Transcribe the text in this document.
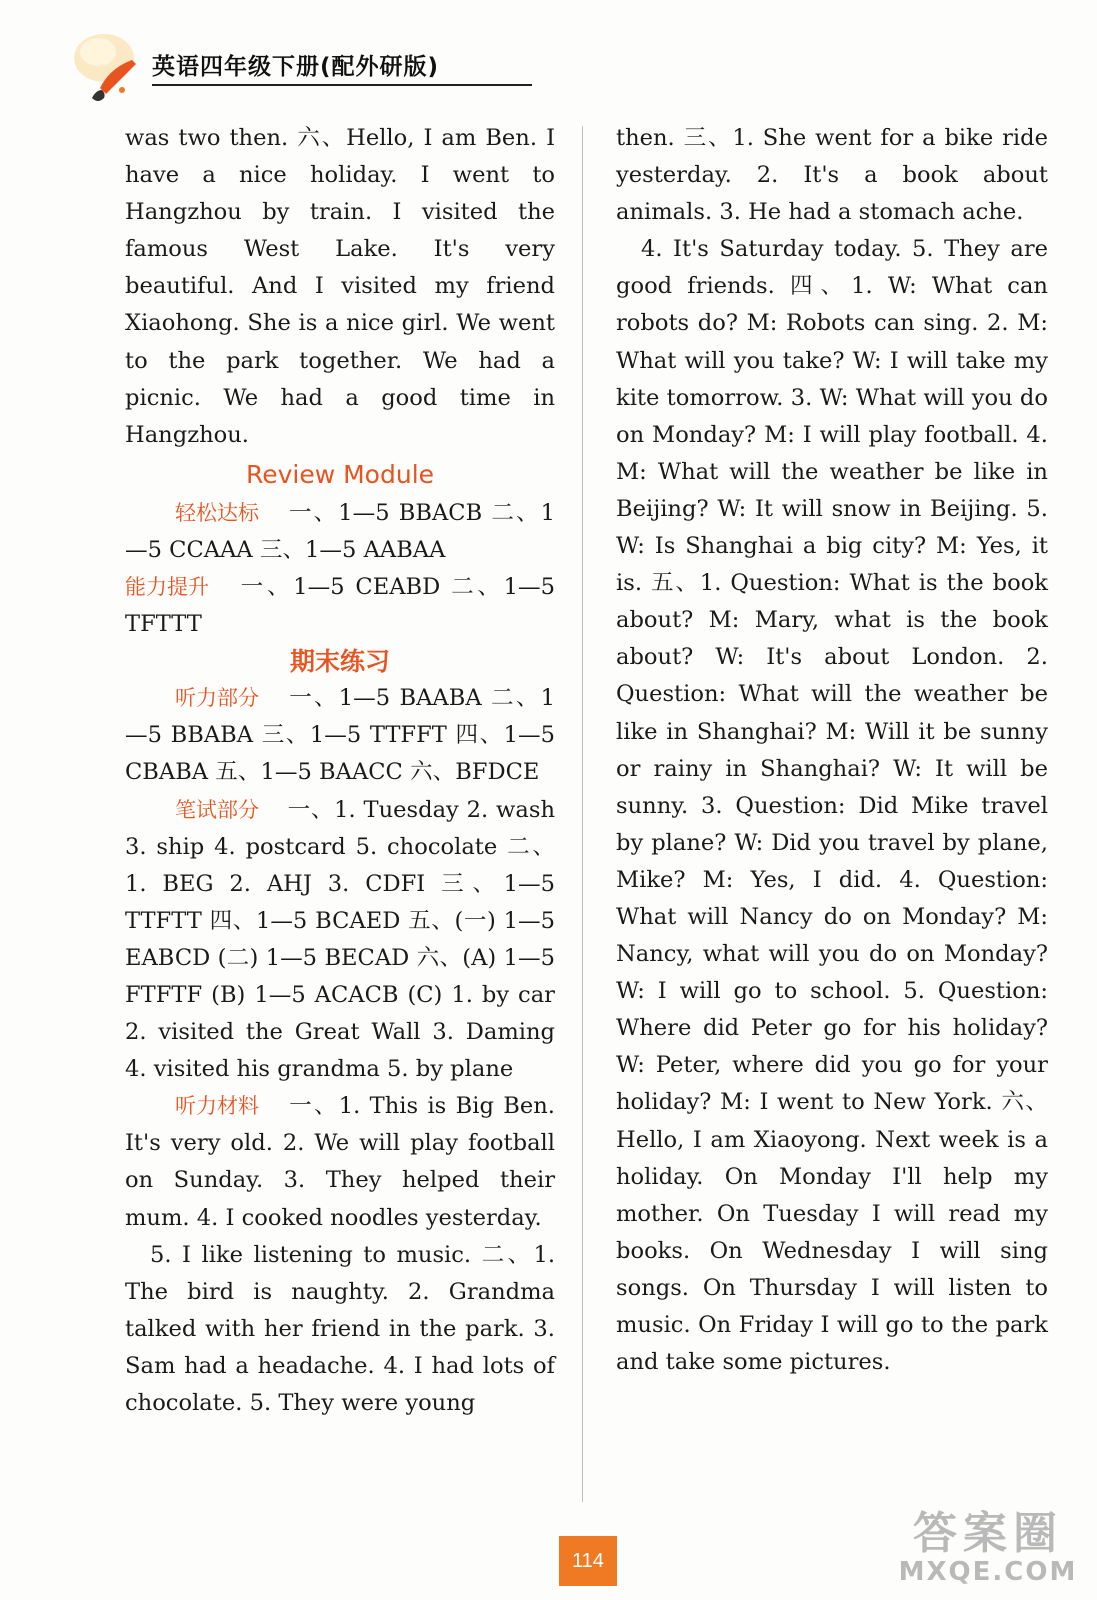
英语四年级下册(配外研版)

was two then. 六、Hello, I am Ben. I have a nice holiday. I went to Hangzhou by train. I visited the famous West Lake. It's very beautiful. And I visited my friend Xiaohong. She is a nice girl. We went to the park together. We had a picnic. We had a good time in Hangzhou.

Review Module

轻松达标 一、1—5 BBACB 二、1—5 CCAAA 三、1—5 AABAA

能力提升 一、1—5 CEABD 二、1—5 TFTTT

期末练习

听力部分 一、1—5 BAABA 二、1—5 BBABA 三、1—5 TTFFT 四、1—5 CBABA 五、1—5 BAACC 六、BFDCE

笔试部分 一、1. Tuesday 2. wash 3. ship 4. postcard 5. chocolate 二、1. BEG 2. AHJ 3. CDFI 三、1—5 TTFTT 四、1—5 BCAED 五、(一) 1—5 EABCD (二) 1—5 BECAD 六、(A) 1—5 FTFTF (B) 1—5 ACACB (C) 1. by car 2. visited the Great Wall 3. Daming 4. visited his grandma 5. by plane

听力材料 一、1. This is Big Ben. It's very old. 2. We will play football on Sunday. 3. They helped their mum. 4. I cooked noodles yesterday.

5. I like listening to music. 二、1. The bird is naughty. 2. Grandma talked with her friend in the park. 3. Sam had a headache. 4. I had lots of chocolate. 5. They were young

then. 三、1. She went for a bike ride yesterday. 2. It's a book about animals. 3. He had a stomach ache.

4. It's Saturday today. 5. They are good friends. 四、1. W: What can robots do? M: Robots can sing. 2. M: What will you take? W: I will take my kite tomorrow. 3. W: What will you do on Monday? M: I will play football. 4. M: What will the weather be like in Beijing? W: It will snow in Beijing. 5. W: Is Shanghai a big city? M: Yes, it is. 五、1. Question: What is the book about? M: Mary, what is the book about? W: It's about London. 2. Question: What will the weather be like in Shanghai? M: Will it be sunny or rainy in Shanghai? W: It will be sunny. 3. Question: Did Mike travel by plane? W: Did you travel by plane, Mike? M: Yes, I did. 4. Question: What will Nancy do on Monday? M: Nancy, what will you do on Monday? W: I will go to school. 5. Question: Where did Peter go for his holiday? W: Peter, where did you go for your holiday? M: I went to New York. 六、Hello, I am Xiaoyong. Next week is a holiday. On Monday I'll help my mother. On Tuesday I will read my books. On Wednesday I will sing songs. On Thursday I will listen to music. On Friday I will go to the park and take some pictures.

114
答案圈
MXQE.COM
